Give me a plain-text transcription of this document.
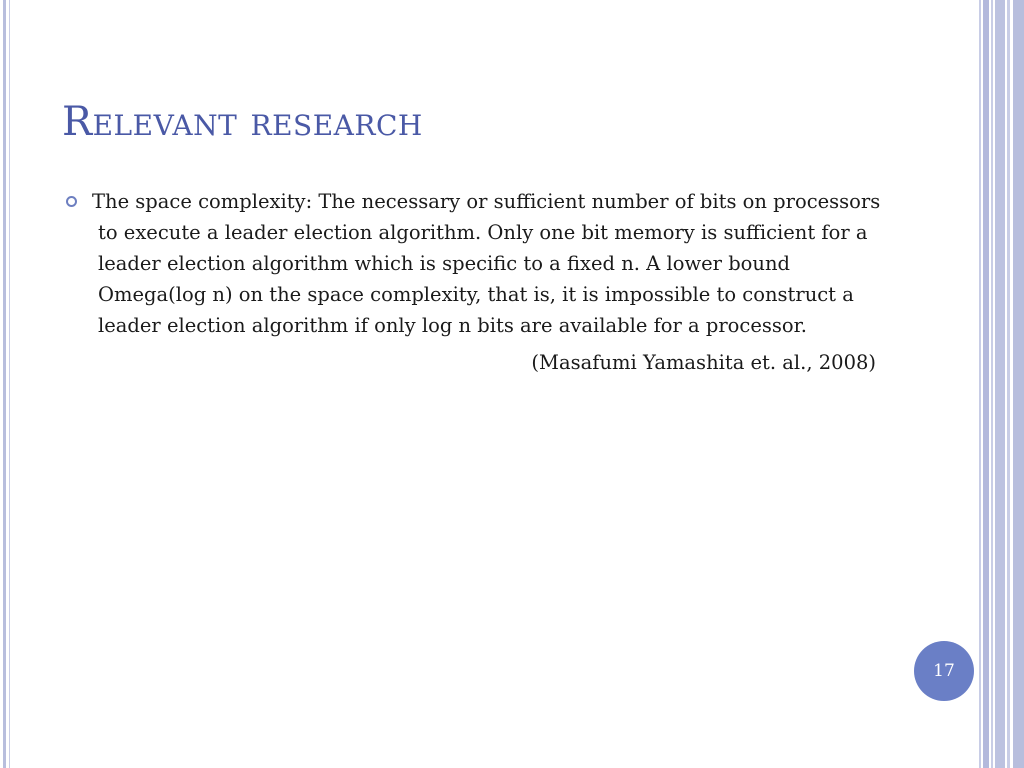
Relevant research
The space complexity: The necessary or sufficient number of bits on processors to execute a leader election algorithm. Only one bit memory is sufficient for a leader election algorithm which is specific to a fixed n. A lower bound Omega(log n) on the space complexity, that is, it is impossible to construct a leader election algorithm if only log n bits are available for a processor.
(Masafumi Yamashita et. al., 2008)
17
